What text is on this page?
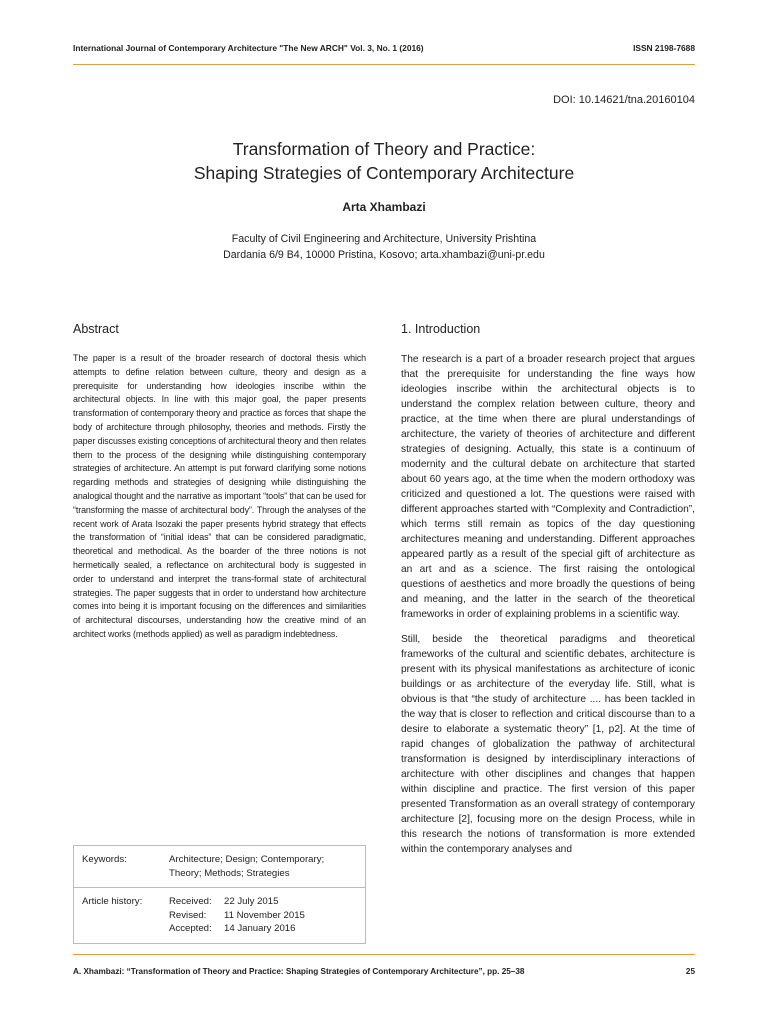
International Journal of Contemporary Architecture "The New ARCH" Vol. 3, No. 1 (2016)	ISSN 2198-7688
DOI: 10.14621/tna.20160104
Transformation of Theory and Practice:
Shaping Strategies of Contemporary Architecture
Arta Xhambazi
Faculty of Civil Engineering and Architecture, University Prishtina
Dardania 6/9 B4, 10000 Pristina, Kosovo; arta.xhambazi@uni-pr.edu
Abstract	1. Introduction
The paper is a result of the broader research of doctoral thesis which attempts to define relation between culture, theory and design as a prerequisite for understanding how ideologies inscribe within the architectural objects. In line with this major goal, the paper presents transformation of contemporary theory and practice as forces that shape the body of architecture through philosophy, theories and methods. Firstly the paper discusses existing conceptions of architectural theory and then relates them to the process of the designing while distinguishing contemporary strategies of architecture. An attempt is put forward clarifying some notions regarding methods and strategies of designing while distinguishing the analogical thought and the narrative as important “tools” that can be used for “transforming the masse of architectural body”. Through the analyses of the recent work of Arata Isozaki the paper presents hybrid strategy that effects the transformation of “initial ideas” that can be considered paradigmatic, theoretical and methodical. As the boarder of the three notions is not hermetically sealed, a reflectance on architectural body is suggested in order to understand and interpret the trans-formal state of architectural strategies. The paper suggests that in order to understand how architecture comes into being it is important focusing on the differences and similarities of architectural discourses, understanding how the creative mind of an architect works (methods applied) as well as paradigm indebtedness.

The research is a part of a broader research project that argues that the prerequisite for understanding the fine ways how ideologies inscribe within the architectural objects is to understand the complex relation between culture, theory and practice, at the time when there are plural understandings of architecture, the variety of theories of architecture and different strategies of designing. Actually, this state is a continuum of modernity and the cultural debate on architecture that started about 60 years ago, at the time when the modern orthodoxy was criticized and questioned a lot. The questions were raised with different approaches started with “Complexity and Contradiction”, which terms still remain as topics of the day questioning architectures meaning and understanding. Different approaches appeared partly as a result of the special gift of architecture as an art and as a science. The first raising the ontological questions of aesthetics and more broadly the questions of being and meaning, and the latter in the search of the theoretical frameworks in order of explaining problems in a scientific way.

Still, beside the theoretical paradigms and theoretical frameworks of the cultural and scientific debates, architecture is present with its physical manifestations as architecture of iconic buildings or as architecture of the everyday life. Still, what is obvious is that “the study of architecture .... has been tackled in the way that is closer to reflection and critical discourse than to a desire to elaborate a systematic theory” [1, p2]. At the time of rapid changes of globalization the pathway of architectural transformation is designed by interdisciplinary interactions of architecture with other disciplines and changes that happen within discipline and practice. The first version of this paper presented Transformation as an overall strategy of contemporary architecture [2], focusing more on the design Process, while in this research the notions of transformation is more extended within the contemporary analyses and

Keywords:	Architecture; Design; Contemporary; Theory; Methods; Strategies
Article history:	Received:	22 July 2015
Revised:	11 November 2015
Accepted:	14 January 2016
A. Xhambazi: “Transformation of Theory and Practice: Shaping Strategies of Contemporary Architecture”, pp. 25–38	25
